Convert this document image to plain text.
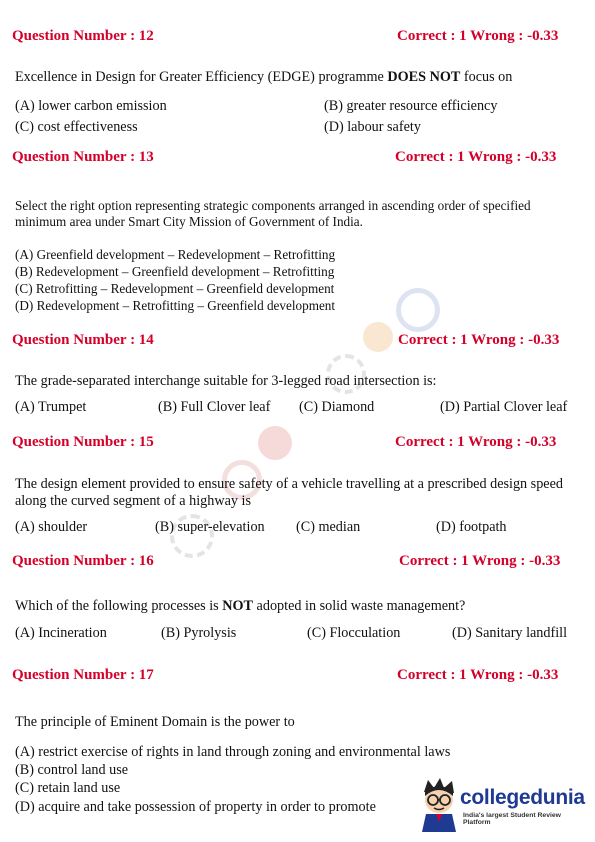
Question Number : 12	Correct : 1 Wrong : -0.33
Excellence in Design for Greater Efficiency (EDGE) programme DOES NOT focus on
(A) lower carbon emission	(B) greater resource efficiency
(C) cost effectiveness	(D) labour safety
Question Number : 13	Correct : 1 Wrong : -0.33
Select the right option representing strategic components arranged in ascending order of specified minimum area under Smart City Mission of Government of India.
(A) Greenfield development – Redevelopment – Retrofitting
(B) Redevelopment – Greenfield development – Retrofitting
(C) Retrofitting – Redevelopment – Greenfield development
(D) Redevelopment – Retrofitting – Greenfield development
Question Number : 14	Correct : 1 Wrong : -0.33
The grade-separated interchange suitable for 3-legged road intersection is:
(A) Trumpet	(B) Full Clover leaf (C) Diamond	(D) Partial Clover leaf
Question Number : 15	Correct : 1 Wrong : -0.33
The design element provided to ensure safety of a vehicle travelling at a prescribed design speed along the curved segment of a highway is
(A) shoulder	(B) super-elevation (C) median	(D) footpath
Question Number : 16	Correct : 1 Wrong : -0.33
Which of the following processes is NOT adopted in solid waste management?
(A) Incineration	(B) Pyrolysis	(C) Flocculation	(D) Sanitary landfill
Question Number : 17	Correct : 1 Wrong : -0.33
The principle of Eminent Domain is the power to
(A) restrict exercise of rights in land through zoning and environmental laws
(B) control land use
(C) retain land use
(D) acquire and take possession of property in order to promote	collegedunia
India's largest Student Review Platform
